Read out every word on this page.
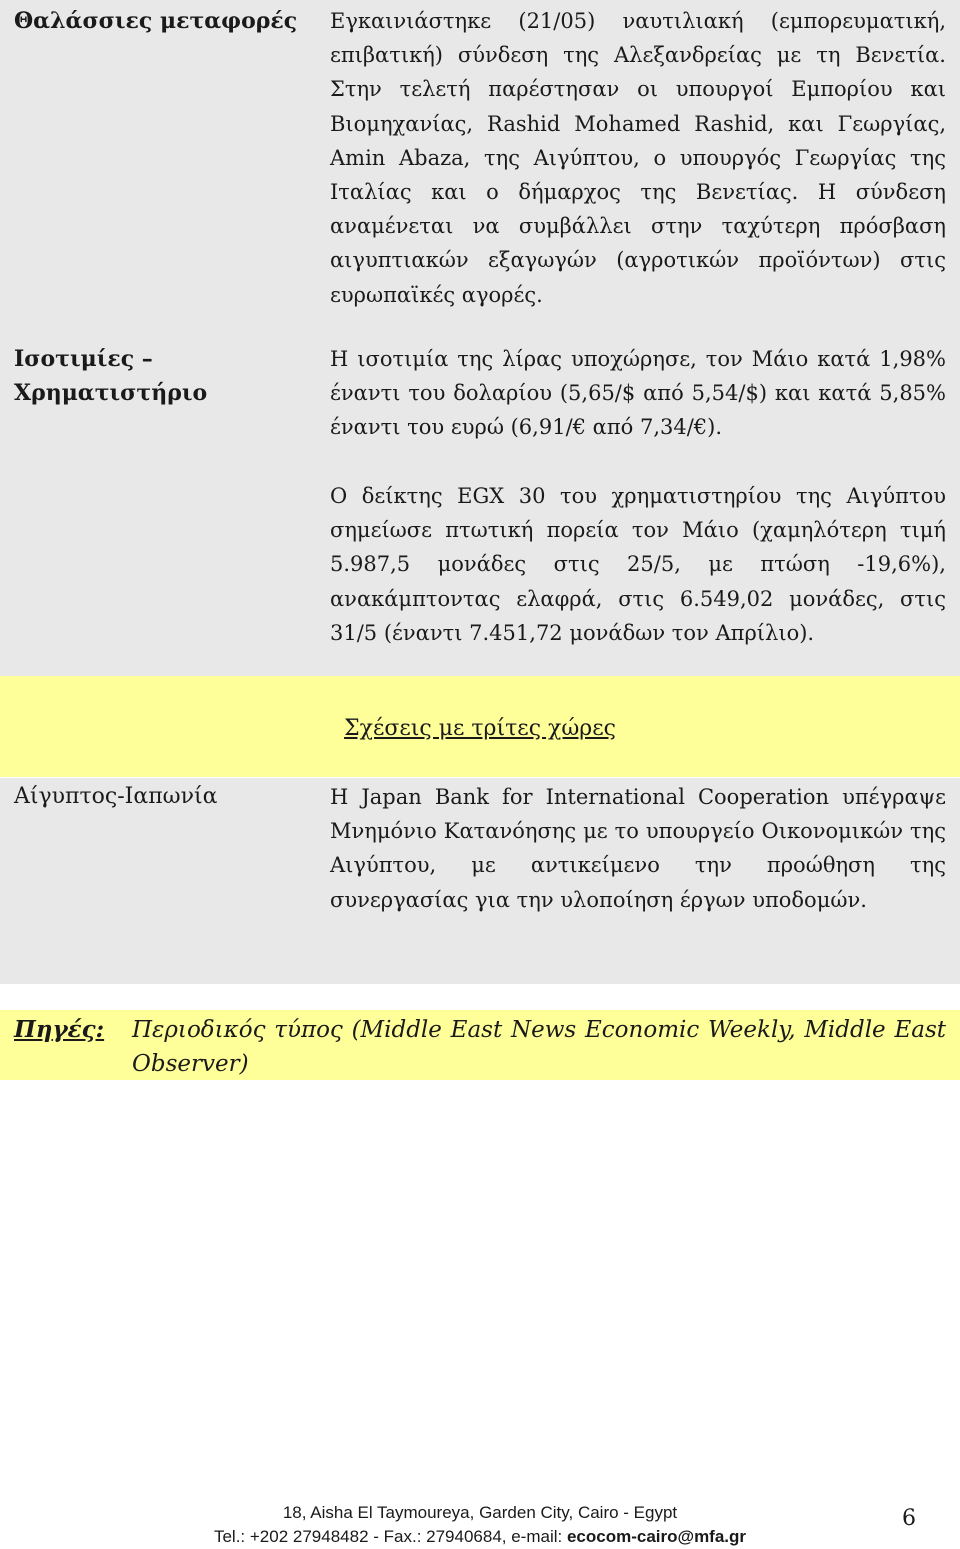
Θαλάσσιες μεταφορές Εγκαινιάστηκε (21/05) ναυτιλιακή (εμπορευματική, επιβατική) σύνδεση της Αλεξανδρείας με τη Βενετία. Στην τελετή παρέστησαν οι υπουργοί Εμπορίου και Βιομηχανίας, Rashid Mohamed Rashid, και Γεωργίας, Amin Abaza, της Αιγύπτου, ο υπουργός Γεωργίας της Ιταλίας και ο δήμαρχος της Βενετίας. Η σύνδεση αναμένεται να συμβάλλει στην ταχύτερη πρόσβαση αιγυπτιακών εξαγωγών (αγροτικών προϊόντων) στις ευρωπαϊκές αγορές.
Ισοτιμίες –
Χρηματιστήριο
Η ισοτιμία της λίρας υποχώρησε, τον Μάιο κατά 1,98% έναντι του δολαρίου (5,65/$ από 5,54/$) και κατά 5,85% έναντι του ευρώ (6,91/€ από 7,34/€).
Ο δείκτης EGX 30 του χρηματιστηρίου της Αιγύπτου σημείωσε πτωτική πορεία τον Μάιο (χαμηλότερη τιμή 5.987,5 μονάδες στις 25/5, με πτώση -19,6%), ανακάμπτοντας ελαφρά, στις 6.549,02 μονάδες, στις 31/5 (έναντι 7.451,72 μονάδων τον Απρίλιο).
Σχέσεις με τρίτες χώρες
Αίγυπτος-Ιαπωνία	Η Japan Bank for International Cooperation υπέγραψε Μνημόνιο Κατανόησης με το υπουργείο Οικονομικών της Αιγύπτου, με αντικείμενο την προώθηση της συνεργασίας για την υλοποίηση έργων υποδομών.
Πηγές: Περιοδικός τύπος (Middle East News Economic Weekly, Middle East Observer)
18, Aisha El Taymoureya, Garden City, Cairo - Egypt
Tel.: +202 27948482 - Fax.: 27940684, e-mail: ecocom-cairo@mfa.gr
6
